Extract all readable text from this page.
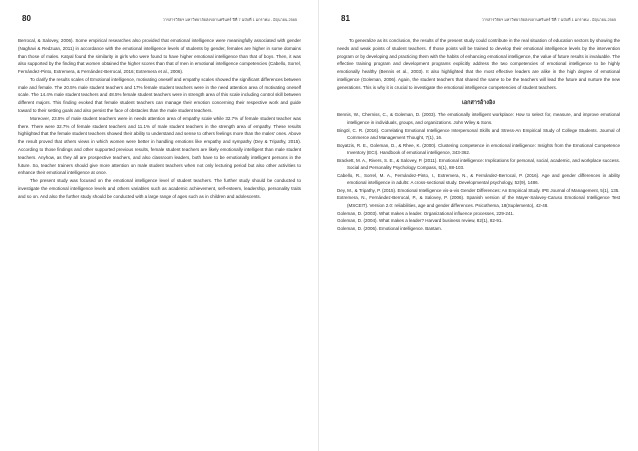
80	วารสารวิจัยฯ มหาวิทยาลัยสงขลานครินทร์ ปีที่ 7 ฉบับที่ 1 มกราคม - มิถุนายน 2565

Berrocal, & Salovey, 2006). Some empirical researches also provided that emotional intelligence were meaningfully associated with gender (Naghavi & Redzuan, 2011) in accordance with the emotional intelligence levels of students by gender, females are higher in some domains than those of males. Katyal found the similarity in girls who were found to have higher emotional intelligence than that of boys. Then, it was also supported by the finding that women obtained the higher scores than that of men in emotional intelligence competencies (Cabello, Sorrel, Fernández-Pinto, Extremera, & Fernández-Berrocal, 2016; Extremera et al., 2006).

To clarify the results scales of Emotional intelligence, motivating oneself and empathy scales showed the significant differences between male and female. The 20.5% male student teachers and 17% female student teachers were in the need attention area of motivating oneself scale. The 14.4% male student teachers and 48.5% female student teachers were in strength area of this scale including control skill between different majors. This finding evoked that female student teachers can manage their emotion concerning their respective work and guide toward to their setting goals and also persist the face of obstacles than the male student teachers.

Moreover, 23.5% of male student teachers were in needs attention area of empathy scale while 32.7% of female student teacher was there. There were 32.7% of female student teachers and 11.1% of male student teachers in the strength area of empathy. These results highlighted that the female student teachers showed their ability to understand and sense to others feelings more than the males' ones. Above the result proved that others views in which women were better in handling emotions like empathy and sympathy (Dey & Tripathy, 2015). According to those findings and other supported previous results, female student teachers are likely emotionally intelligent than male student teachers. Anyhow, as they all are prospective teachers, and also classroom leaders, both have to be emotionally intelligent persons in the future. So, teacher trainers should give more attention on male student teachers when not only lecturing period but also other activities to enhance their emotional intelligence at once.

The present study was focused on the emotional intelligence level of student teachers. The further study should be conducted to investigate the emotional intelligence levels and others variables such as academic achievement, self-esteem, leadership, personality traits and so on. And also the further study should be conducted with a large range of ages such as in children and adolescents.

81	วารสารวิจัยฯ มหาวิทยาลัยสงขลานครินทร์ ปีที่ 7 ฉบับที่ 1 มกราคม - มิถุนายน 2565

To generalize as its conclusion, the results of the present study could contribute in the real situation of education sectors by showing the needs and weak points of student teachers. If those points will be trained to develop their emotional intelligence levels by the intervention program or by developing and practicing them with the habits of enhancing emotional intelligence, the value of future results is invaluable. The effective training program and development programs explicitly address the two competencies of emotional intelligence to be highly emotionally healthy (Bennis et al., 2003). It also highlighted that the most effective leaders are alike in the high degree of emotional intelligence (Goleman, 2006). Again, the student teachers that shared the same to be the teachers will lead the future and nurture the new generations. This is why it is crucial to investigate the emotional intelligence competencies of student teachers.

เอกสารอ้างอิง

Bennis, W., Cherniss, C., & Goleman, D. (2003). The emotionally intelligent workplace: How to select for, measure, and improve emotional intelligence in individuals, groups, and organizations. John Wiley & Sons.

Bingöl, C. R. (2016). Correlating Emotional Intelligence Interpersonal Skills and Stress-An Empirical Study of College Students. Journal of Commerce and Management Thought, 7(1), 16.

Boyatzis, R. E., Goleman, D., & Rhee, K. (2000). Clustering competence in emotional intelligence: Insights from the Emotional Competence Inventory (ECI). Handbook of emotional intelligence, 343-362.

Brackett, M. A., Rivers, S. E., & Salovey, P. (2011). Emotional intelligence: Implications for personal, social, academic, and workplace success. Social and Personality Psychology Compass, 5(1), 88-103.

Cabello, R., Sorrel, M. A., Fernández-Pinto, I., Extremera, N., & Fernández-Berrocal, P. (2016). Age and gender differences in ability emotional intelligence in adults: A cross-sectional study. Developmental psychology, 52(9), 1486.

Dey, M., & Tripathy, P. (2015). Emotional Intelligence vis-a-vis Gender Differences: An Empirical Study. IPE Journal of Management, 5(1), 135.

Extremera, N., Fernández-Berrocal, P., & Salovey, P. (2006). Spanish version of the Mayer-Salovey-Caruso Emotional Intelligence Test (MSCEIT). Version 2.0: reliabilities, age and gender differences. Psicothema, 18(Suplemento), 42-48.

Goleman, D. (2003). What makes a leader. Organizational influence processes, 229-241.

Goleman, D. (2004). What makes a leader? Harvard business review, 82(1), 82-91.

Goleman, D. (2006). Emotional intelligence. Bantam.
